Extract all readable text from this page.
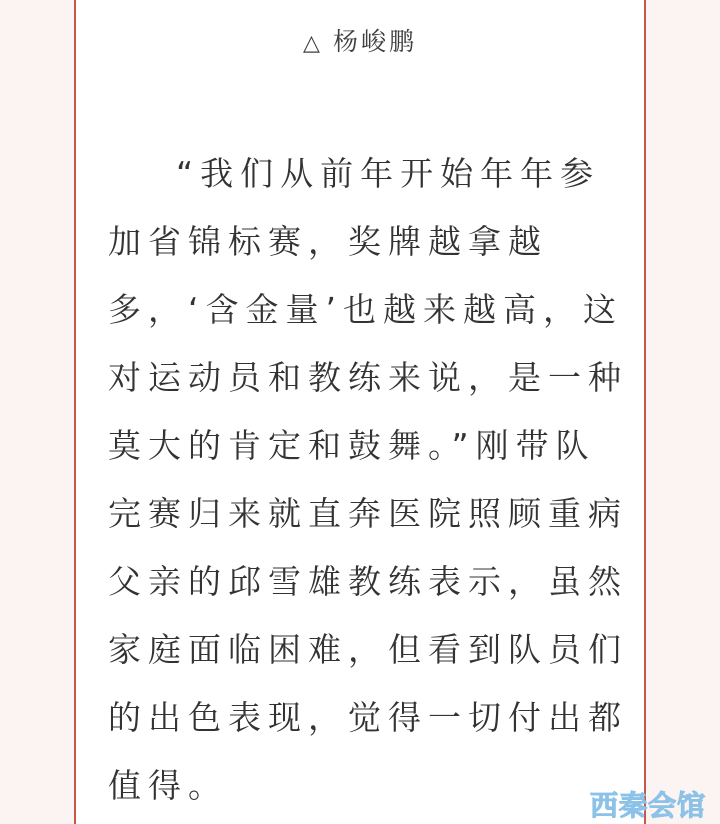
△ 杨峻鹏

“我们从前年开始年年参
加省锦标赛，奖牌越拿越
多，‘含金量’也越来越高，这
对运动员和教练来说，是一种
莫大的肯定和鼓舞。”刚带队
完赛归来就直奔医院照顾重病
父亲的邱雪雄教练表示，虽然
家庭面临困难，但看到队员们
的出色表现，觉得一切付出都
值得。

西秦会馆
